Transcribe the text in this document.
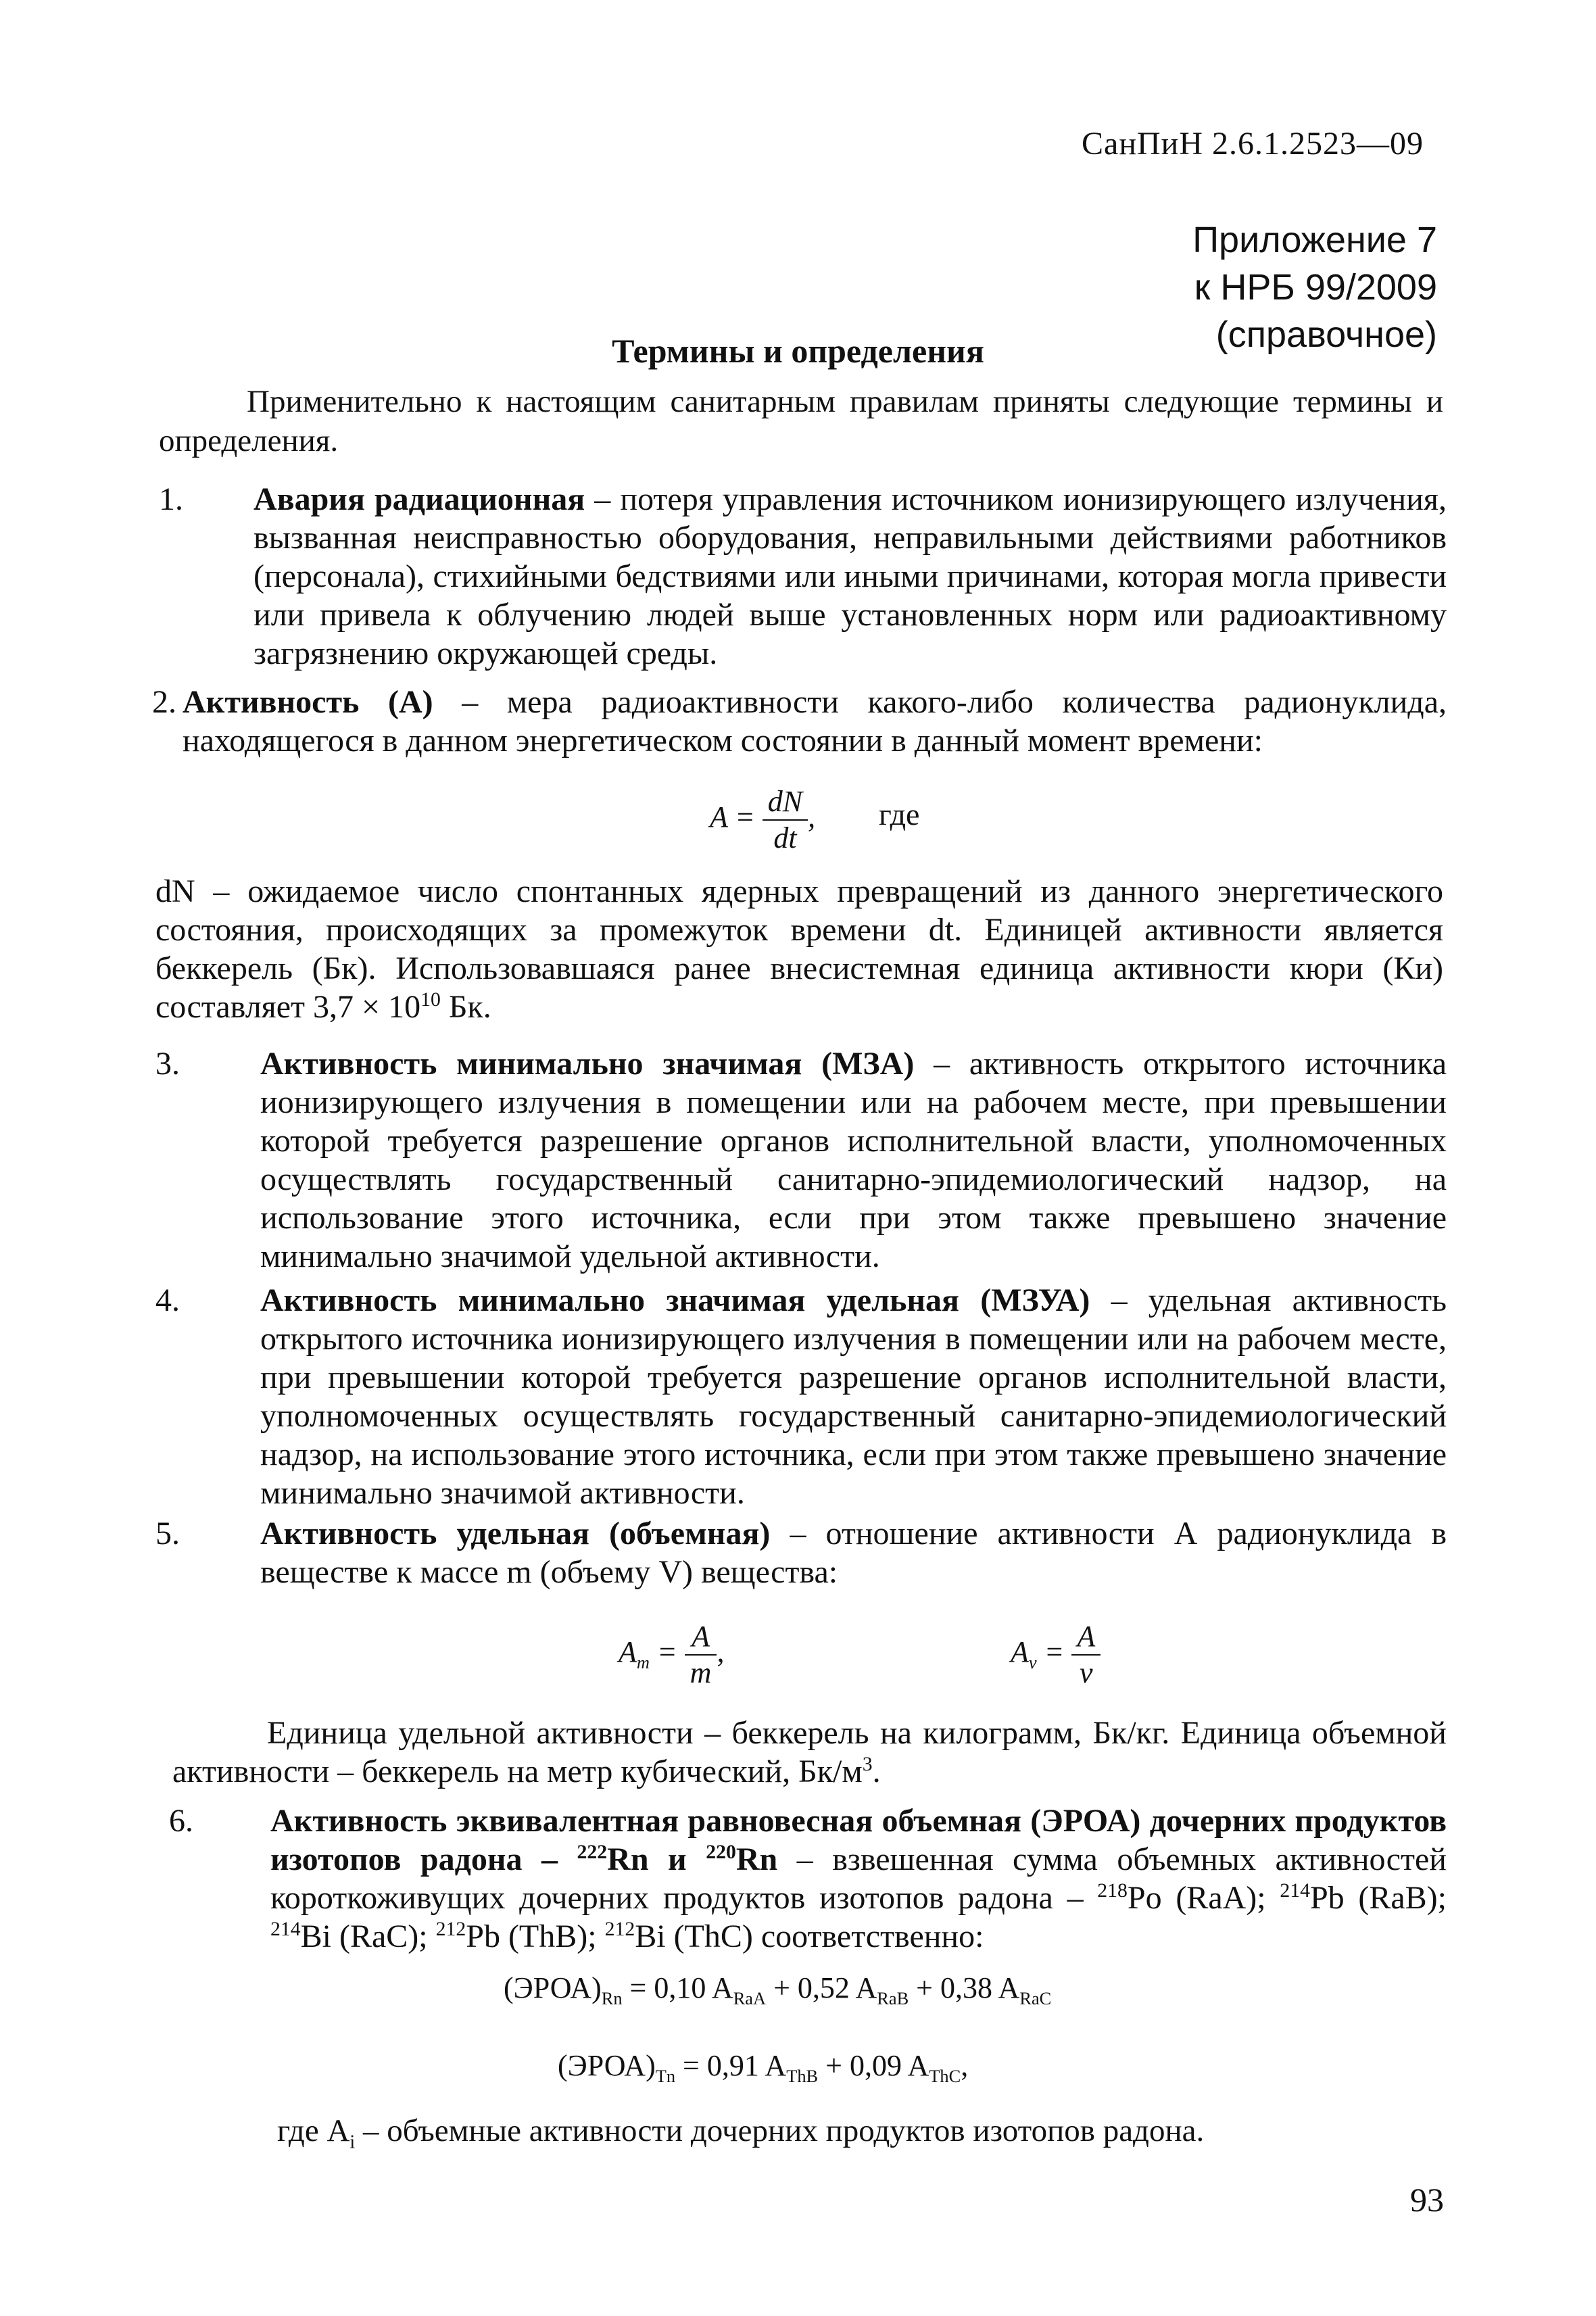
СанПиН 2.6.1.2523—09
Приложение 7
к НРБ 99/2009
(справочное)
Термины и определения
Применительно к настоящим санитарным правилам приняты следующие термины и определения.
1. Авария радиационная – потеря управления источником ионизирующего излучения, вызванная неисправностью оборудования, неправильными действиями работников (персонала), стихийными бедствиями или иными причинами, которая могла привести или привела к облучению людей выше установленных норм или радиоактивному загрязнению окружающей среды.

2. Активность (А) – мера радиоактивности какого-либо количества радионуклида, находящегося в данном энергетическом состоянии в данный момент времени:

$A = \frac{dN}{dt}$ , где

dN – ожидаемое число спонтанных ядерных превращений из данного энергетического состояния, происходящих за промежуток времени dt. Единицей активности является беккерель (Бк). Использовавшаяся ранее внесистемная единица активности кюри (Ки) составляет $3,7 \times 10^{10}$ Бк.

3. Активность минимально значимая (МЗА) – активность открытого источника ионизирующего излучения в помещении или на рабочем месте, при превышении которой требуется разрешение органов исполнительной власти, уполномоченных осуществлять государственный санитарно-эпидемиологический надзор, на использование этого источника, если при этом также превышено значение минимально значимой удельной активности.

4. Активность минимально значимая удельная (МЗУА) – удельная активность открытого источника ионизирующего излучения в помещении или на рабочем месте, при превышении которой требуется разрешение органов исполнительной власти, уполномоченных осуществлять государственный санитарно-эпидемиологический надзор, на использование этого источника, если при этом также превышено значение минимально значимой активности.

5. Активность удельная (объемная) – отношение активности А радионуклида в веществе к массе m (объему V) вещества:

$A_m = \frac{A}{m}$ ,	$A_v = \frac{A}{v}$

Единица удельной активности – беккерель на килограмм, Бк/кг. Единица объемной активности – беккерель на метр кубический, $Бк/м^3$.

6. Активность эквивалентная равновесная объемная (ЭРОА) дочерних продуктов изотопов радона – $^{222}$Rn и $^{220}$Rn – взвешенная сумма объемных активностей короткоживущих дочерних продуктов изотопов радона – $^{218}$Po (RaA); $^{214}$Pb (RaB); $^{214}$Bi (RaC); $^{212}$Pb (ThB); $^{212}$Bi (ThC) соответственно:

$(ЭРОА)_{Rn} = 0,10$ $A_{RaA} + 0,52$ $A_{RaB} + 0,38$ $A_{RaC}$
$(ЭРОА)_{Tn} = 0,91$ $A_{ThB} + 0,09$ $A_{ThC}$,
где $A_i$ – объемные активности дочерних продуктов изотопов радона.
93
